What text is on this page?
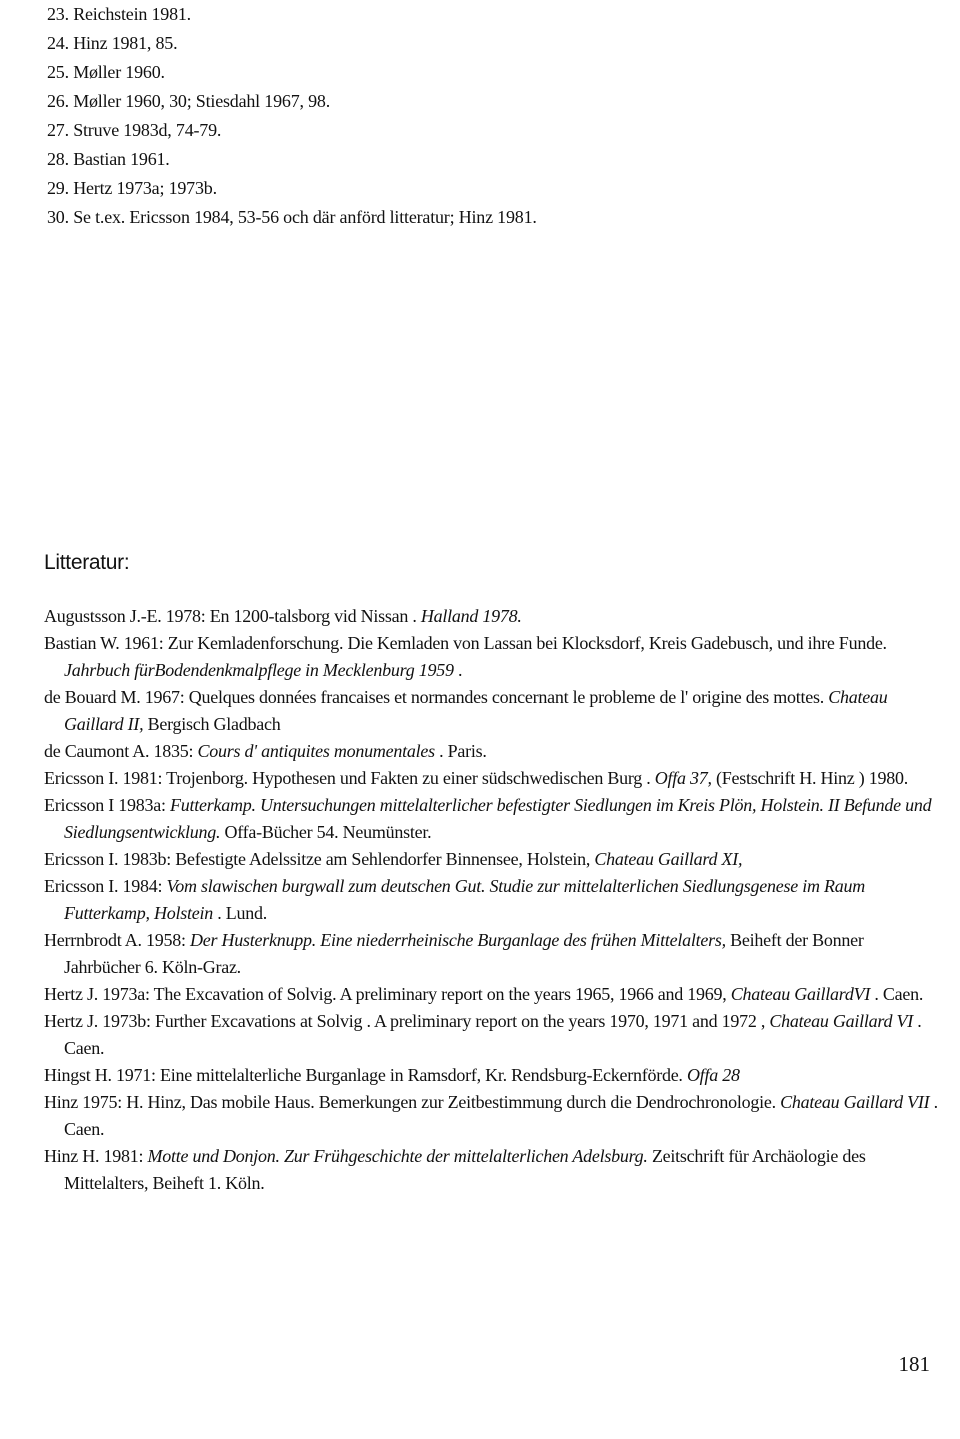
23. Reichstein 1981.
24. Hinz 1981, 85.
25. Møller 1960.
26. Møller 1960, 30; Stiesdahl 1967, 98.
27. Struve 1983d, 74-79.
28. Bastian 1961.
29. Hertz 1973a; 1973b.
30. Se t.ex. Ericsson 1984, 53-56 och där anförd litteratur; Hinz 1981.
Litteratur:
Augustsson J.-E. 1978: En 1200-talsborg vid Nissan . Halland 1978.
Bastian W. 1961: Zur Kemladenforschung. Die Kemladen von Lassan bei Klocksdorf, Kreis Gadebusch, und ihre Funde. Jahrbuch fürBodendenkmalpflege in Mecklenburg 1959 .
de Bouard M. 1967: Quelques données francaises et normandes concernant le probleme de l' origine des mottes. Chateau Gaillard II, Bergisch Gladbach
de Caumont A. 1835: Cours d' antiquites monumentales . Paris.
Ericsson I. 1981: Trojenborg. Hypothesen und Fakten zu einer südschwedischen Burg . Offa 37, (Festschrift H. Hinz ) 1980.
Ericsson I 1983a: Futterkamp. Untersuchungen mittelalterlicher befestigter Siedlungen im Kreis Plön, Holstein. II Befunde und Siedlungsentwicklung. Offa-Bücher 54. Neumünster.
Ericsson I. 1983b: Befestigte Adelssitze am Sehlendorfer Binnensee, Holstein, Chateau Gaillard XI,
Ericsson I. 1984: Vom slawischen burgwall zum deutschen Gut. Studie zur mittelalterlichen Siedlungsgenese im Raum Futterkamp, Holstein . Lund.
Herrnbrodt A. 1958: Der Husterknupp. Eine niederrheinische Burganlage des frühen Mittelalters, Beiheft der Bonner Jahrbücher 6. Köln-Graz.
Hertz J. 1973a: The Excavation of Solvig. A preliminary report on the years 1965, 1966 and 1969, Chateau GaillardVI . Caen.
Hertz J. 1973b: Further Excavations at Solvig . A preliminary report on the years 1970, 1971 and 1972 , Chateau Gaillard VI . Caen.
Hingst H. 1971: Eine mittelalterliche Burganlage in Ramsdorf, Kr. Rendsburg-Eckernförde. Offa 28
Hinz 1975: H. Hinz, Das mobile Haus. Bemerkungen zur Zeitbestimmung durch die Dendrochronologie. Chateau Gaillard VII . Caen.
Hinz H. 1981: Motte und Donjon. Zur Frühgeschichte der mittelalterlichen Adelsburg. Zeitschrift für Archäologie des Mittelalters, Beiheft 1. Köln.
181
